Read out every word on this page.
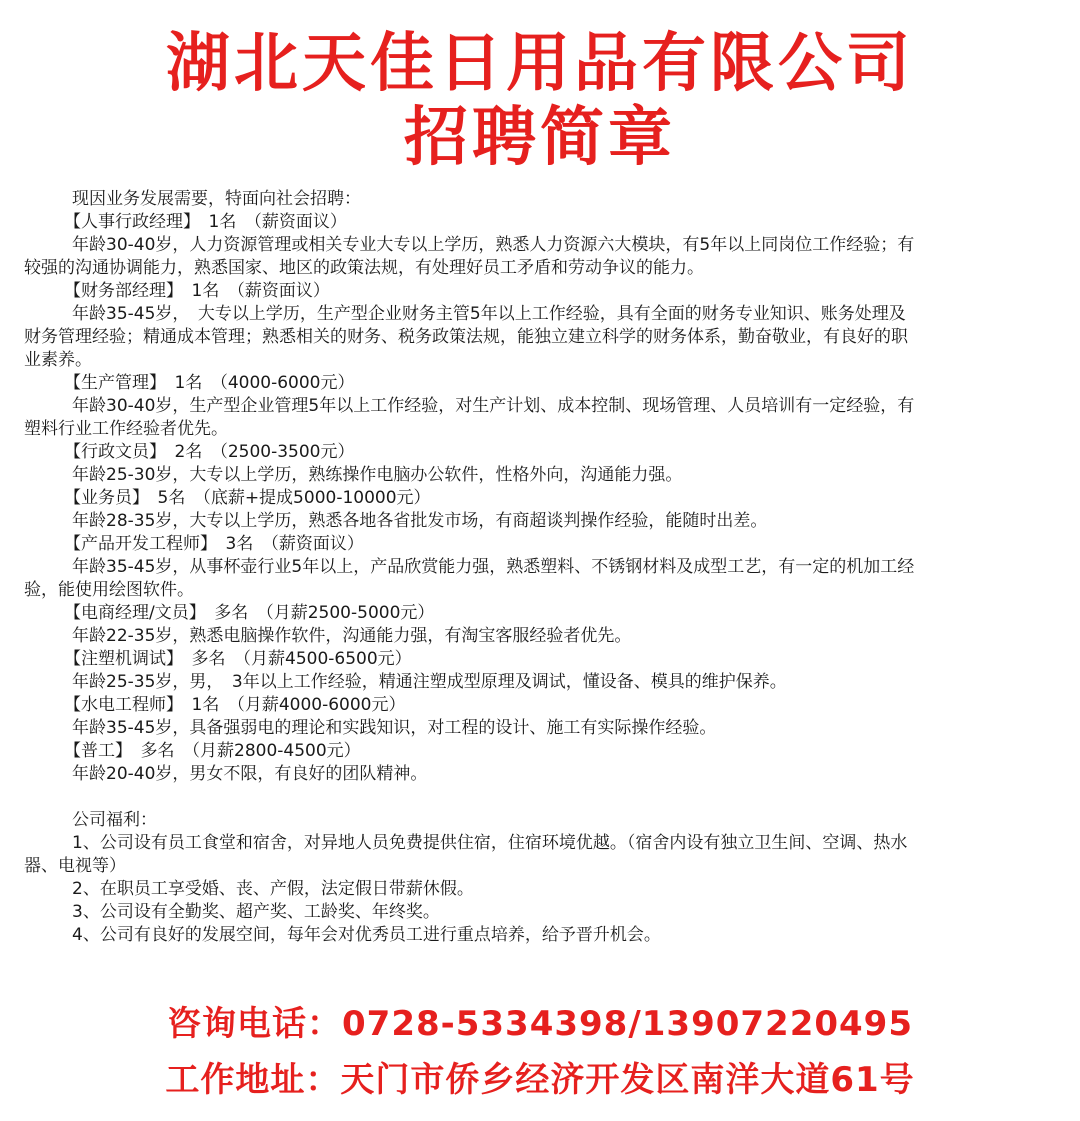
湖北天佳日用品有限公司
招聘简章

现因业务发展需要，特面向社会招聘：

【人事行政经理】　1名　（薪资面议）

年龄30-40岁，人力资源管理或相关专业大专以上学历，熟悉人力资源六大模块，有5年以上同岗位工作经验；有

较强的沟通协调能力，熟悉国家、地区的政策法规，有处理好员工矛盾和劳动争议的能力。

【财务部经理】　1名　（薪资面议）

年龄35-45岁，　大专以上学历，生产型企业财务主管5年以上工作经验，具有全面的财务专业知识、账务处理及

财务管理经验；精通成本管理；熟悉相关的财务、税务政策法规，能独立建立科学的财务体系，勤奋敬业，有良好的职

业素养。

【生产管理】　1名　（4000-6000元）

年龄30-40岁，生产型企业管理5年以上工作经验，对生产计划、成本控制、现场管理、人员培训有一定经验，有

塑料行业工作经验者优先。

【行政文员】　2名　（2500-3500元）

年龄25-30岁，大专以上学历，熟练操作电脑办公软件，性格外向，沟通能力强。

【业务员】　5名　（底薪+提成5000-10000元）

年龄28-35岁，大专以上学历，熟悉各地各省批发市场，有商超谈判操作经验，能随时出差。

【产品开发工程师】　3名　（薪资面议）

年龄35-45岁，从事杯壶行业5年以上，产品欣赏能力强，熟悉塑料、不锈钢材料及成型工艺，有一定的机加工经

验，能使用绘图软件。

【电商经理/文员】　多名　（月薪2500-5000元）

年龄22-35岁，熟悉电脑操作软件，沟通能力强，有淘宝客服经验者优先。

【注塑机调试】　多名　（月薪4500-6500元）

年龄25-35岁，男，　3年以上工作经验，精通注塑成型原理及调试，懂设备、模具的维护保养。

【水电工程师】　1名　（月薪4000-6000元）

年龄35-45岁，具备强弱电的理论和实践知识，对工程的设计、施工有实际操作经验。

【普工】　多名　（月薪2800-4500元）

年龄20-40岁，男女不限，有良好的团队精神。

公司福利：

1、公司设有员工食堂和宿舍，对异地人员免费提供住宿，住宿环境优越。（宿舍内设有独立卫生间、空调、热水

器、电视等）

2、在职员工享受婚、丧、产假，法定假日带薪休假。

3、公司设有全勤奖、超产奖、工龄奖、年终奖。

4、公司有良好的发展空间，每年会对优秀员工进行重点培养，给予晋升机会。

咨询电话：0728-5334398/13907220495
工作地址：天门市侨乡经济开发区南洋大道61号
